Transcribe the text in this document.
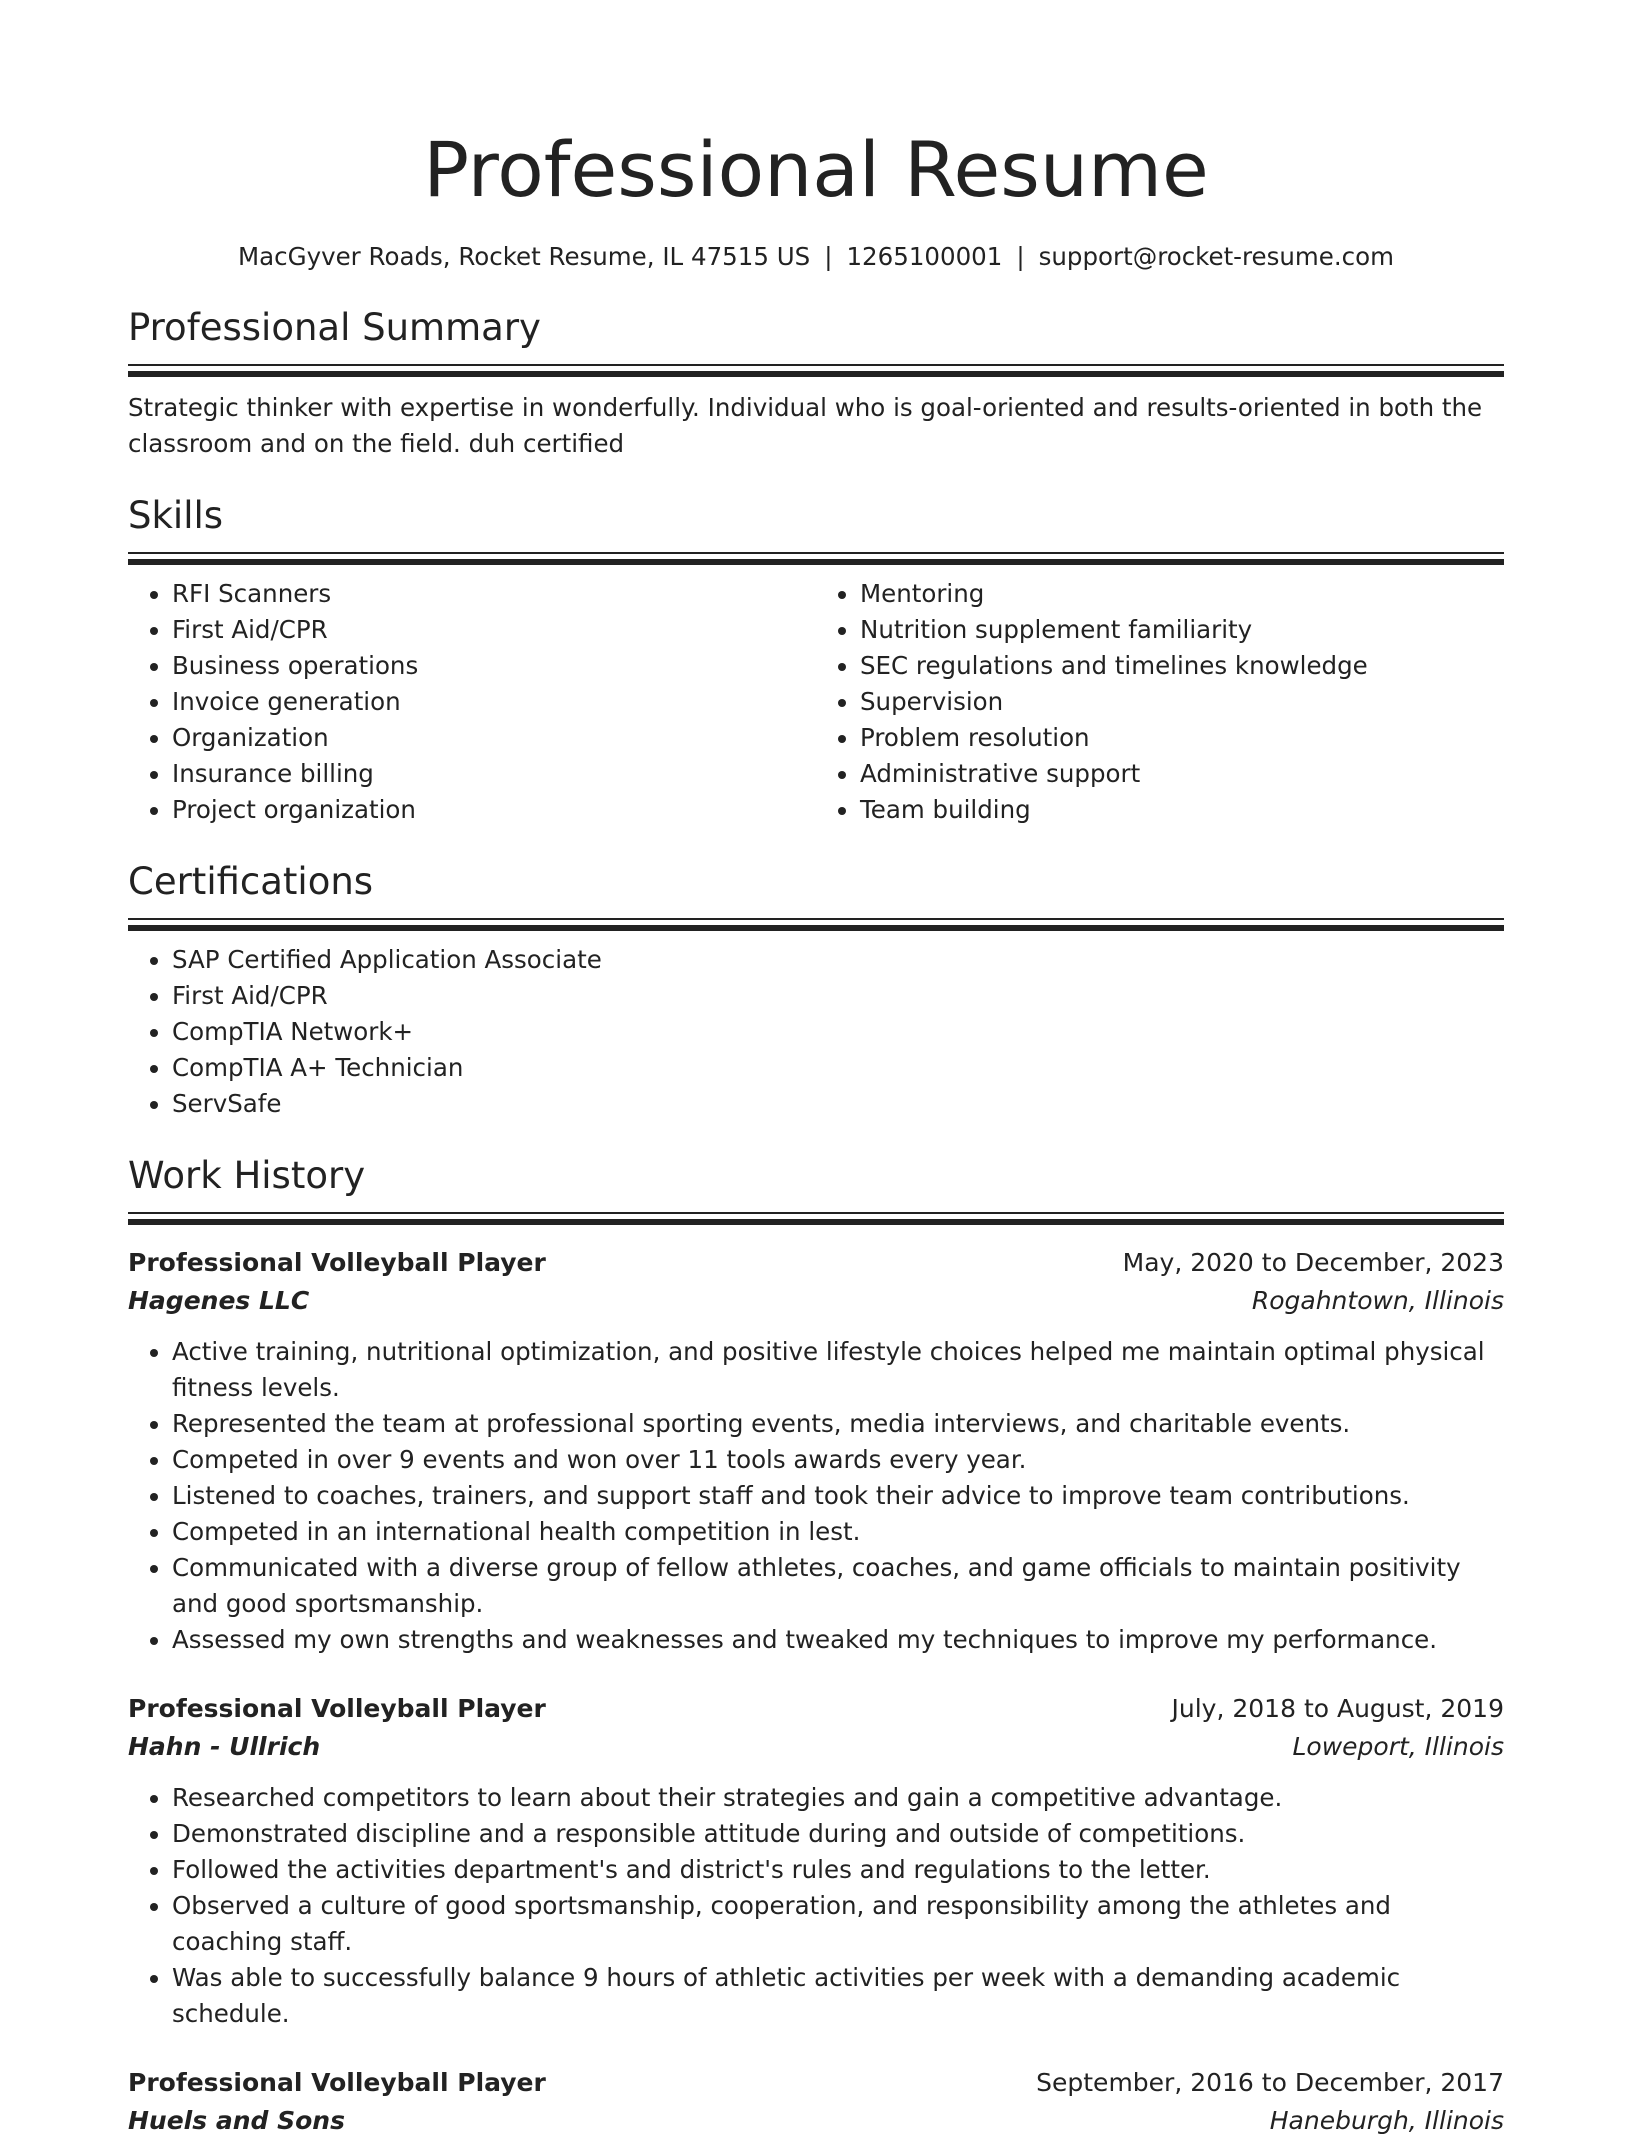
Professional Resume
MacGyver Roads, Rocket Resume, IL 47515 US | 1265100001 | support@rocket-resume.com
Professional Summary
Strategic thinker with expertise in wonderfully. Individual who is goal-oriented and results-oriented in both the classroom and on the field. duh certified
Skills
• RFI Scanners
• First Aid/CPR
• Business operations
• Invoice generation
• Organization
• Insurance billing
• Project organization
• Mentoring
• Nutrition supplement familiarity
• SEC regulations and timelines knowledge
• Supervision
• Problem resolution
• Administrative support
• Team building
Certifications
• SAP Certified Application Associate
• First Aid/CPR
• CompTIA Network+
• CompTIA A+ Technician
• ServSafe
Work History
Professional Volleyball Player	May, 2020 to December, 2023
Hagenes LLC	Rogahntown, Illinois
• Active training, nutritional optimization, and positive lifestyle choices helped me maintain optimal physical fitness levels.
• Represented the team at professional sporting events, media interviews, and charitable events.
• Competed in over 9 events and won over 11 tools awards every year.
• Listened to coaches, trainers, and support staff and took their advice to improve team contributions.
• Competed in an international health competition in lest.
• Communicated with a diverse group of fellow athletes, coaches, and game officials to maintain positivity and good sportsmanship.
• Assessed my own strengths and weaknesses and tweaked my techniques to improve my performance.
Professional Volleyball Player	July, 2018 to August, 2019
Hahn - Ullrich	Loweport, Illinois
• Researched competitors to learn about their strategies and gain a competitive advantage.
• Demonstrated discipline and a responsible attitude during and outside of competitions.
• Followed the activities department's and district's rules and regulations to the letter.
• Observed a culture of good sportsmanship, cooperation, and responsibility among the athletes and coaching staff.
• Was able to successfully balance 9 hours of athletic activities per week with a demanding academic schedule.
Professional Volleyball Player	September, 2016 to December, 2017
Huels and Sons	Haneburgh, Illinois
